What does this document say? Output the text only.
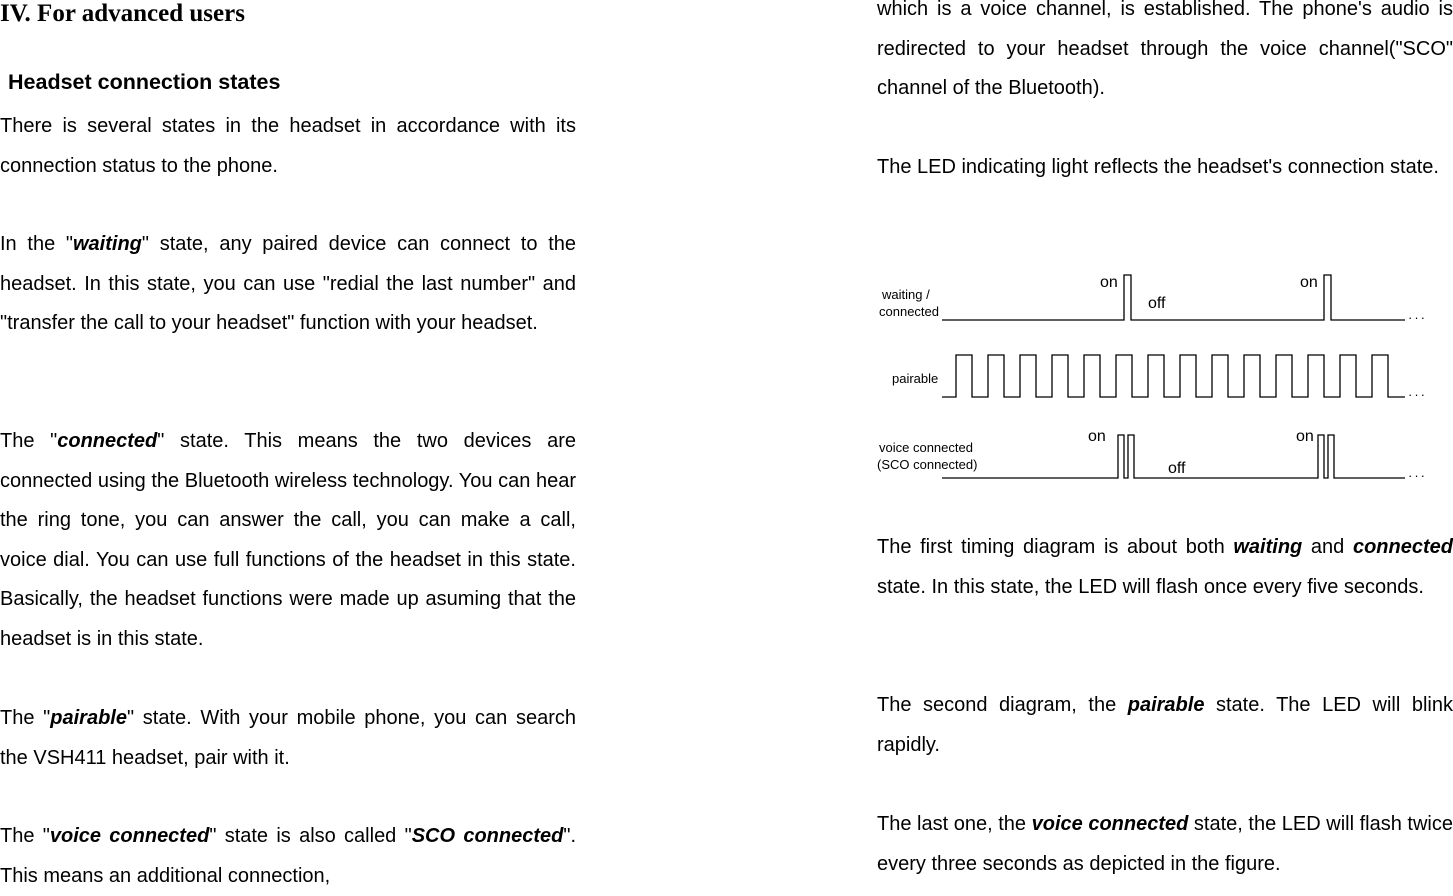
IV. For advanced users
Headset connection states

There is several states in the headset in accordance with its connection status to the phone.

In the "waiting" state, any paired device can connect to the headset. In this state, you can use "redial the last number" and "transfer the call to your headset" function with your headset.

The "connected" state. This means the two devices are connected using the Bluetooth wireless technology. You can hear the ring tone, you can answer the call, you can make a call, voice dial. You can use full functions of the headset in this state. Basically, the headset functions were made up asuming that the headset is in this state.

The "pairable" state. With your mobile phone, you can search the VSH411 headset, pair with it.

The "voice connected" state is also called "SCO connected". This means an additional connection,

which is a voice channel, is established. The phone's audio is redirected to your headset through the voice channel("SCO" channel of the Bluetooth).

The LED indicating light reflects the headset's connection state.

The first timing diagram is about both waiting and connected state. In this state, the LED will flash once every five seconds.

The second diagram, the pairable state. The LED will blink rapidly.

The last one, the voice connected state, the LED will flash twice every three seconds as depicted in the figure.

waiting /
connected
pairable
voice connected
(SCO connected)
on
off
on
on
off
on
···
···
···
